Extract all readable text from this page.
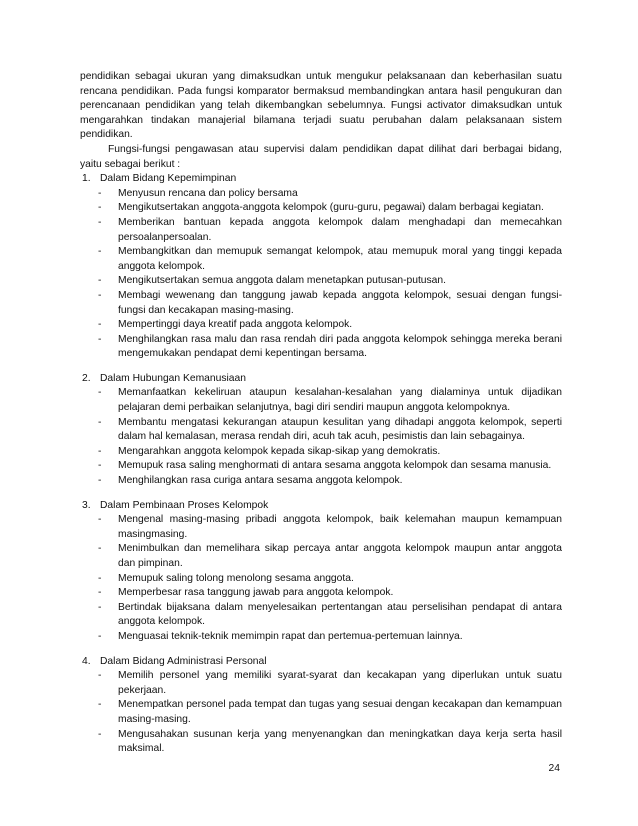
pendidikan sebagai ukuran yang dimaksudkan untuk mengukur pelaksanaan dan keberhasilan suatu rencana pendidikan. Pada fungsi komparator bermaksud membandingkan antara hasil pengukuran dan perencanaan pendidikan yang telah dikembangkan sebelumnya. Fungsi activator dimaksudkan untuk mengarahkan tindakan manajerial bilamana terjadi suatu perubahan dalam pelaksanaan sistem pendidikan.

Fungsi-fungsi pengawasan atau supervisi dalam pendidikan dapat dilihat dari berbagai bidang, yaitu sebagai berikut :

1. Dalam Bidang Kepemimpinan
- Menyusun rencana dan policy bersama
- Mengikutsertakan anggota-anggota kelompok (guru-guru, pegawai) dalam berbagai kegiatan.
- Memberikan bantuan kepada anggota kelompok dalam menghadapi dan memecahkan persoalanpersoalan.
- Membangkitkan dan memupuk semangat kelompok, atau memupuk moral yang tinggi kepada anggota kelompok.
- Mengikutsertakan semua anggota dalam menetapkan putusan-putusan.
- Membagi wewenang dan tanggung jawab kepada anggota kelompok, sesuai dengan fungsi-fungsi dan kecakapan masing-masing.
- Mempertinggi daya kreatif pada anggota kelompok.
- Menghilangkan rasa malu dan rasa rendah diri pada anggota kelompok sehingga mereka berani mengemukakan pendapat demi kepentingan bersama.
2. Dalam Hubungan Kemanusiaan
- Memanfaatkan kekeliruan ataupun kesalahan-kesalahan yang dialaminya untuk dijadikan pelajaran demi perbaikan selanjutnya, bagi diri sendiri maupun anggota kelompoknya.
- Membantu mengatasi kekurangan ataupun kesulitan yang dihadapi anggota kelompok, seperti dalam hal kemalasan, merasa rendah diri, acuh tak acuh, pesimistis dan lain sebagainya.
- Mengarahkan anggota kelompok kepada sikap-sikap yang demokratis.
- Memupuk rasa saling menghormati di antara sesama anggota kelompok dan sesama manusia.
- Menghilangkan rasa curiga antara sesama anggota kelompok.
3. Dalam Pembinaan Proses Kelompok
- Mengenal masing-masing pribadi anggota kelompok, baik kelemahan maupun kemampuan masingmasing.
- Menimbulkan dan memelihara sikap percaya antar anggota kelompok maupun antar anggota dan pimpinan.
- Memupuk saling tolong menolong sesama anggota.
- Memperbesar rasa tanggung jawab para anggota kelompok.
- Bertindak bijaksana dalam menyelesaikan pertentangan atau perselisihan pendapat di antara anggota kelompok.
- Menguasai teknik-teknik memimpin rapat dan pertemua-pertemuan lainnya.
4. Dalam Bidang Administrasi Personal
- Memilih personel yang memiliki syarat-syarat dan kecakapan yang diperlukan untuk suatu pekerjaan.
- Menempatkan personel pada tempat dan tugas yang sesuai dengan kecakapan dan kemampuan masing-masing.
- Mengusahakan susunan kerja yang menyenangkan dan meningkatkan daya kerja serta hasil maksimal.
24
